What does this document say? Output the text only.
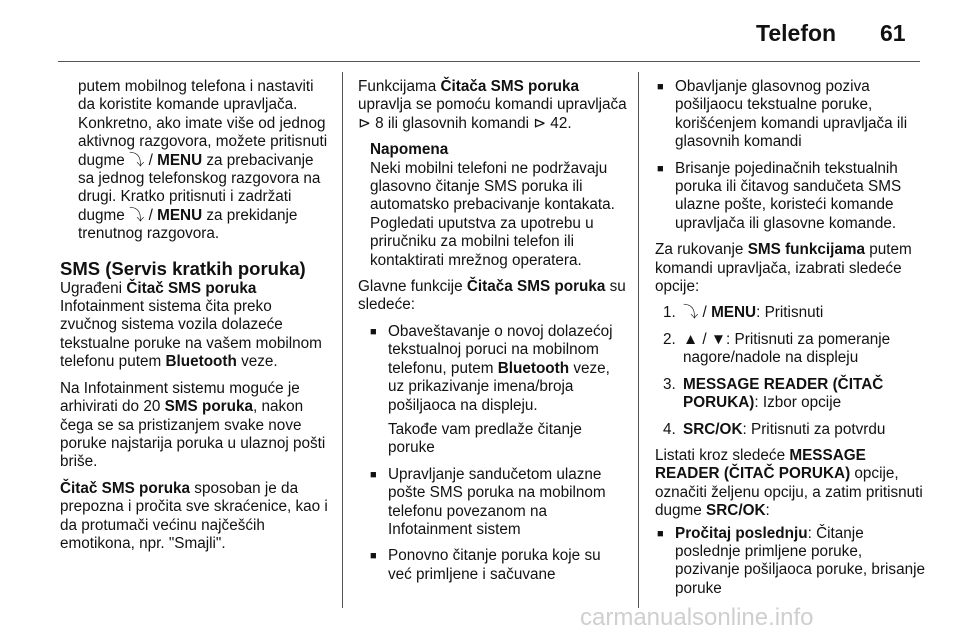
Telefon 61

putem mobilnog telefona i nastaviti da koristite komande upravljača. Konkretno, ako imate više od jednog aktivnog razgovora, možete pritisnuti dugme ⤵ / MENU za prebacivanje sa jednog telefonskog razgovora na drugi. Kratko pritisnuti i zadržati dugme ⤵ / MENU za prekidanje trenutnog razgovora.

SMS (Servis kratkih poruka)

Ugrađeni Čitač SMS poruka
Infotainment sistema čita preko zvučnog sistema vozila dolazeće tekstualne poruke na vašem mobilnom telefonu putem Bluetooth veze.

Na Infotainment sistemu moguće je arhivirati do 20 SMS poruka, nakon čega se sa pristizanjem svake nove poruke najstarija poruka u ulaznoj pošti briše.

Čitač SMS poruka sposoban je da prepozna i pročita sve skraćenice, kao i da protumači većinu najčešćih emotikona, npr. "Smajli".

Funkcijama Čitača SMS poruka upravlja se pomoću komandi upravljača ⊳ 8 ili glasovnih komandi ⊳ 42.

Napomena
Neki mobilni telefoni ne podržavaju glasovno čitanje SMS poruka ili automatsko prebacivanje kontakata. Pogledati uputstva za upotrebu u priručniku za mobilni telefon ili kontaktirati mrežnog operatera.

Glavne funkcije Čitača SMS poruka su sledeće:

■ Obaveštavanje o novoj dolazećoj tekstualnoj poruci na mobilnom telefonu, putem Bluetooth veze, uz prikazivanje imena/broja pošiljaoca na displeju.
Takođe vam predlaže čitanje poruke
■ Upravljanje sandučetom ulazne pošte SMS poruka na mobilnom telefonu povezanom na Infotainment sistem
■ Ponovno čitanje poruka koje su već primljene i sačuvane
■ Obavljanje glasovnog poziva pošiljaocu tekstualne poruke, korišćenjem komandi upravljača ili glasovnih komandi
■ Brisanje pojedinačnih tekstualnih poruka ili čitavog sandučeta SMS ulazne pošte, koristeći komande upravljača ili glasovne komande.

Za rukovanje SMS funkcijama putem komandi upravljača, izabrati sledeće opcije:

1. ⤵ / MENU: Pritisnuti
2. ▲ / ▼: Pritisnuti za pomeranje nagore/nadole na displeju
3. MESSAGE READER (ČITAČ PORUKA): Izbor opcije
4. SRC/OK: Pritisnuti za potvrdu

Listati kroz sledeće MESSAGE READER (ČITAČ PORUKA) opcije, označiti željenu opciju, a zatim pritisnuti dugme SRC/OK:

■ Pročitaj poslednju: Čitanje poslednje primljene poruke, pozivanje pošiljaoca poruke, brisanje poruke
carmanualsonline.info
